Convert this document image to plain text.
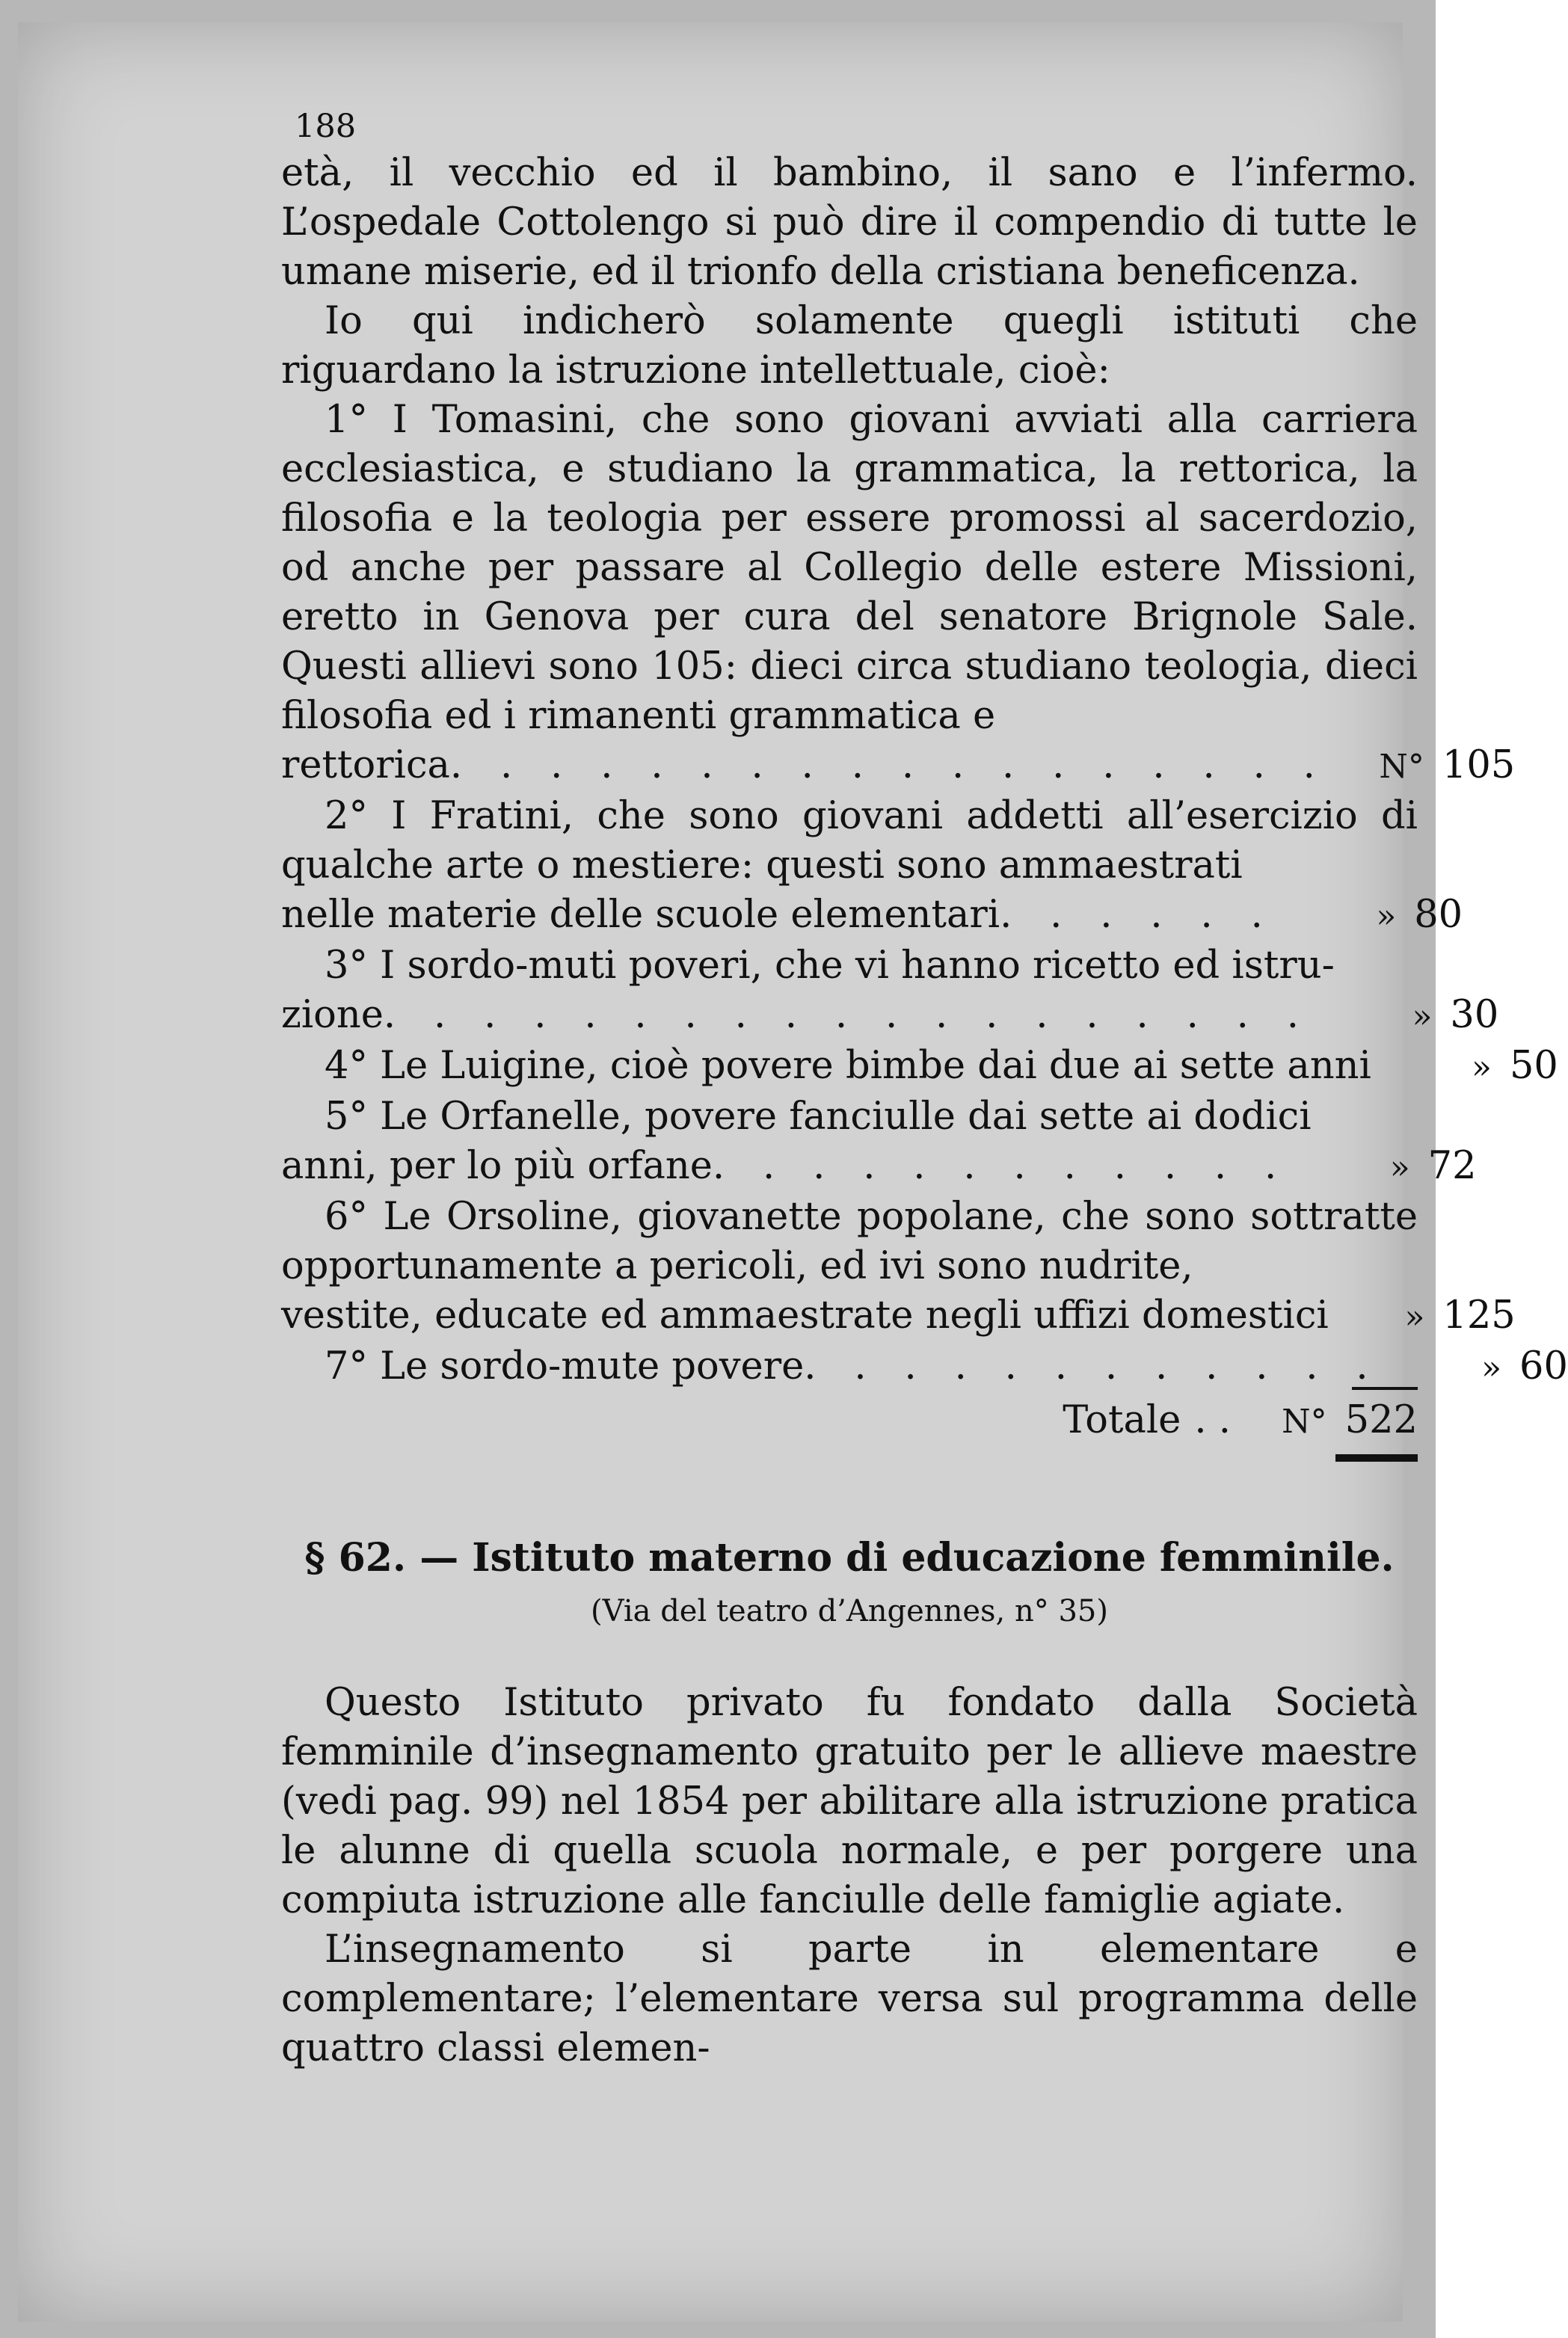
188

età, il vecchio ed il bambino, il sano e l’infermo. L’ospedale Cottolengo si può dire il compendio di tutte le umane miserie, ed il trionfo della cristiana beneficenza.

Io qui indicherò solamente quegli istituti che riguardano la istruzione intellettuale, cioè:

1° I Tomasini, che sono giovani avviati alla carriera ecclesiastica, e studiano la grammatica, la rettorica, la filosofia e la teologia per essere promossi al sacerdozio, od anche per passare al Collegio delle estere Missioni, eretto in Genova per cura del senatore Brignole Sale. Questi allievi sono 105: dieci circa studiano teologia, dieci filosofia ed i rimanenti grammatica e

rettorica . . . . . . . . . . . . . . . . . . N° 105

2° I Fratini, che sono giovani addetti all’esercizio di qualche arte o mestiere: questi sono ammaestrati

nelle materie delle scuole elementari . . . . . .	» 80

3° I sordo-muti poveri, che vi hanno ricetto ed istru-

zione . . . . . . . . . . . . . . . . . . .	» 30
4° Le Luigine, cioè povere bimbe dai due ai sette anni	» 50

5° Le Orfanelle, povere fanciulle dai sette ai dodici

anni, per lo più orfane . . . . . . . . . . . .	» 72

6° Le Orsoline, giovanette popolane, che sono sottratte opportunamente a pericoli, ed ivi sono nudrite,

vestite, educate ed ammaestrate negli uffizi domestici » 125
7° Le sordo-mute povere . . . . . . . . . . . .	» 60
Totale . . N° 522
§ 62. — Istituto materno di educazione femminile.
(Via del teatro d’Angennes, n° 35)

Questo Istituto privato fu fondato dalla Società femminile d’insegnamento gratuito per le allieve maestre (vedi pag. 99) nel 1854 per abilitare alla istruzione pratica le alunne di quella scuola normale, e per porgere una compiuta istruzione alle fanciulle delle famiglie agiate.

L’insegnamento si parte in elementare e complementare; l’elementare versa sul programma delle quattro classi elemen-
